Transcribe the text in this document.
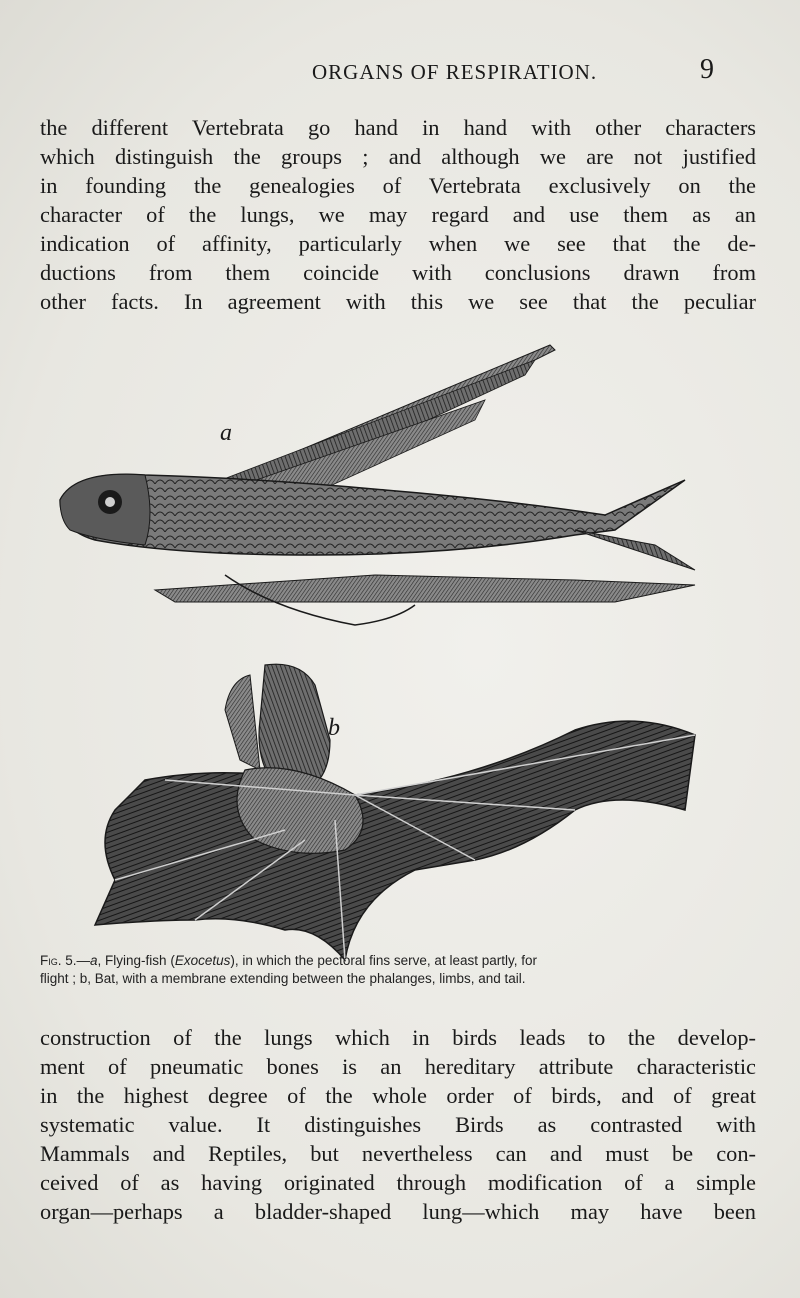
ORGANS OF RESPIRATION.	9
the different Vertebrata go hand in hand with other characters
which distinguish the groups ; and although we are not justified
in founding the genealogies of Vertebrata exclusively on the
character of the lungs, we may regard and use them as an
indication of affinity, particularly when we see that the de-
ductions from them coincide with conclusions drawn from
other facts. In agreement with this we see that the peculiar
a
b
Fig. 5.—a, Flying-fish (Exocetus), in which the pectoral fins serve, at least partly, for
flight ; b, Bat, with a membrane extending between the phalanges, limbs, and tail.
construction of the lungs which in birds leads to the develop-
ment of pneumatic bones is an hereditary attribute characteristic
in the highest degree of the whole order of birds, and of great
systematic value. It distinguishes Birds as contrasted with
Mammals and Reptiles, but nevertheless can and must be con-
ceived of as having originated through modification of a simple
organ—perhaps a bladder-shaped lung—which may have been
